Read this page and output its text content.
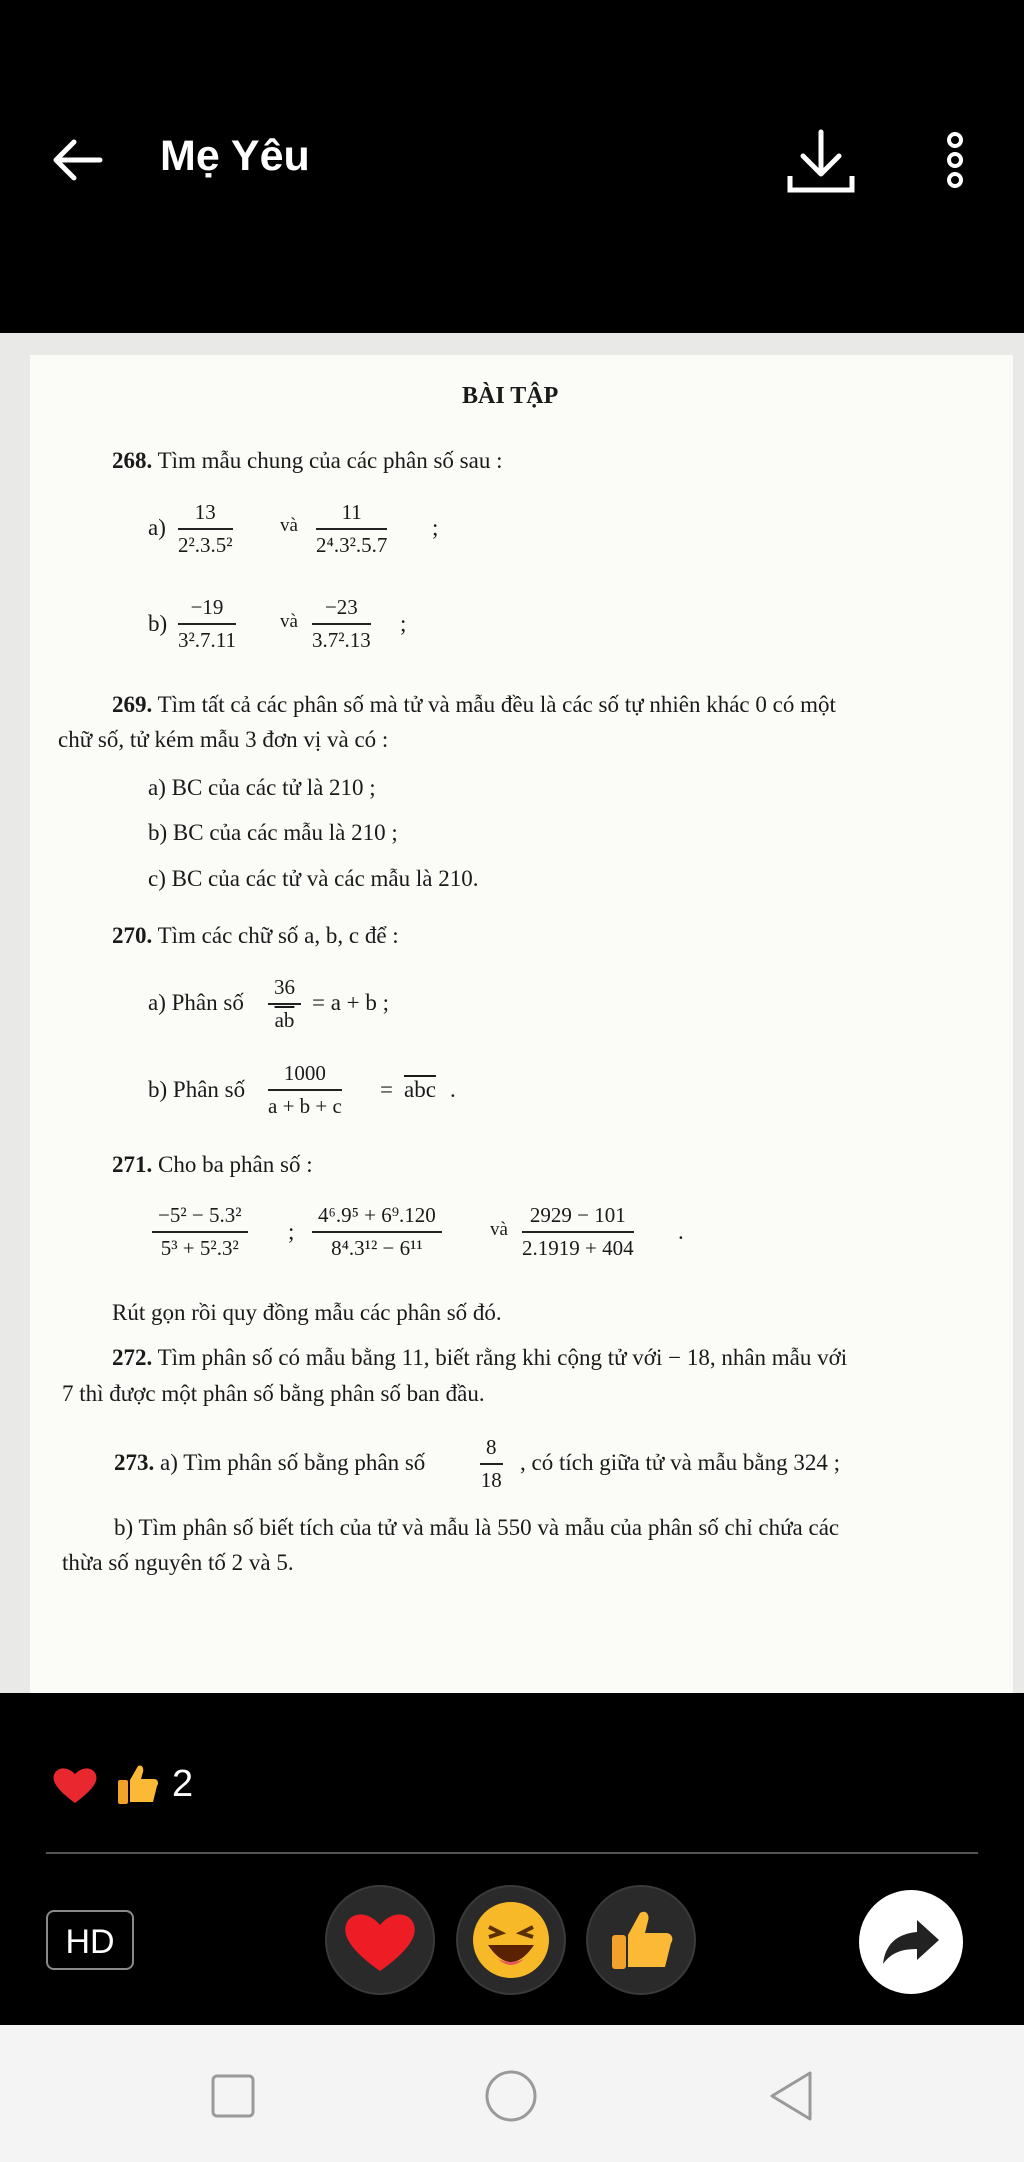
Mẹ Yêu
BÀI TẬP
268. Tìm mẫu chung của các phân số sau :
$a) \frac{13}{\text{2².3.5²}}$ và $\frac{11}{\text{2⁴.3².5.7}}$ ;
$b) \frac{-19}{\text{3².7.11}}$ và $\frac{-23}{\text{3.7².13}}$ ;
269. Tìm tất cả các phân số mà tử và mẫu đều là các số tự nhiên khác 0 có một
chữ số, tử kém mẫu 3 đơn vị và có :
a) BC của các tử là 210 ;
b) BC của các mẫu là 210 ;
c) BC của các tử và các mẫu là 210.
270. Tìm các chữ số a, b, c để :
a) Phân số $\frac{36}{ab} = a + b$ ;
b) Phân số $\frac{1000}{a + b + c} = \overline{abc}$ .
271. Cho ba phân số :
$\frac{\text{−5² − 5.3²}}{\text{5³ + 5².3²}}$ ; $\frac{\text{4⁶.9⁵ + 6⁹.120}}{\text{8⁴.3¹² − 6¹¹}}$	và $\frac{2929 - 101}{2.1919 + 404}$ .
Rút gọn rồi quy đồng mẫu các phân số đó.
272. Tìm phân số có mẫu bằng 11, biết rằng khi cộng tử với − 18, nhân mẫu với
7 thì được một phân số bằng phân số ban đầu.
273. a) Tìm phân số bằng phân số	$\frac{8}{18}$ , có tích giữa tử và mẫu bằng 324 ;
b) Tìm phân số biết tích của tử và mẫu là 550 và mẫu của phân số chỉ chứa các
thừa số nguyên tố 2 và 5.
2
HD
